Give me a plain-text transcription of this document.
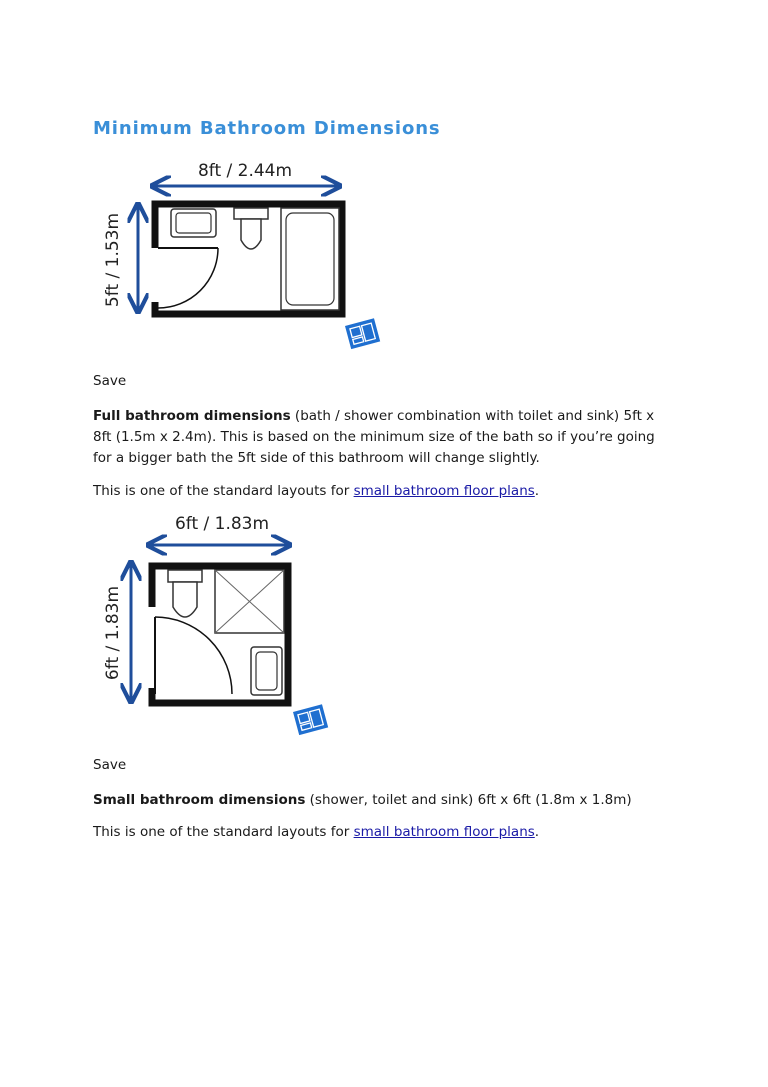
Minimum Bathroom Dimensions
8ft / 2.44m
5ft / 1.53m

Save

Full bathroom dimensions (bath / shower combination with toilet and sink) 5ft x
8ft (1.5m x 2.4m). This is based on the minimum size of the bath so if you’re going
for a bigger bath the 5ft side of this bathroom will change slightly.

This is one of the standard layouts for small bathroom floor plans.

6ft / 1.83m
6ft / 1.83m

Save

Small bathroom dimensions (shower, toilet and sink) 6ft x 6ft (1.8m x 1.8m)

This is one of the standard layouts for small bathroom floor plans.
